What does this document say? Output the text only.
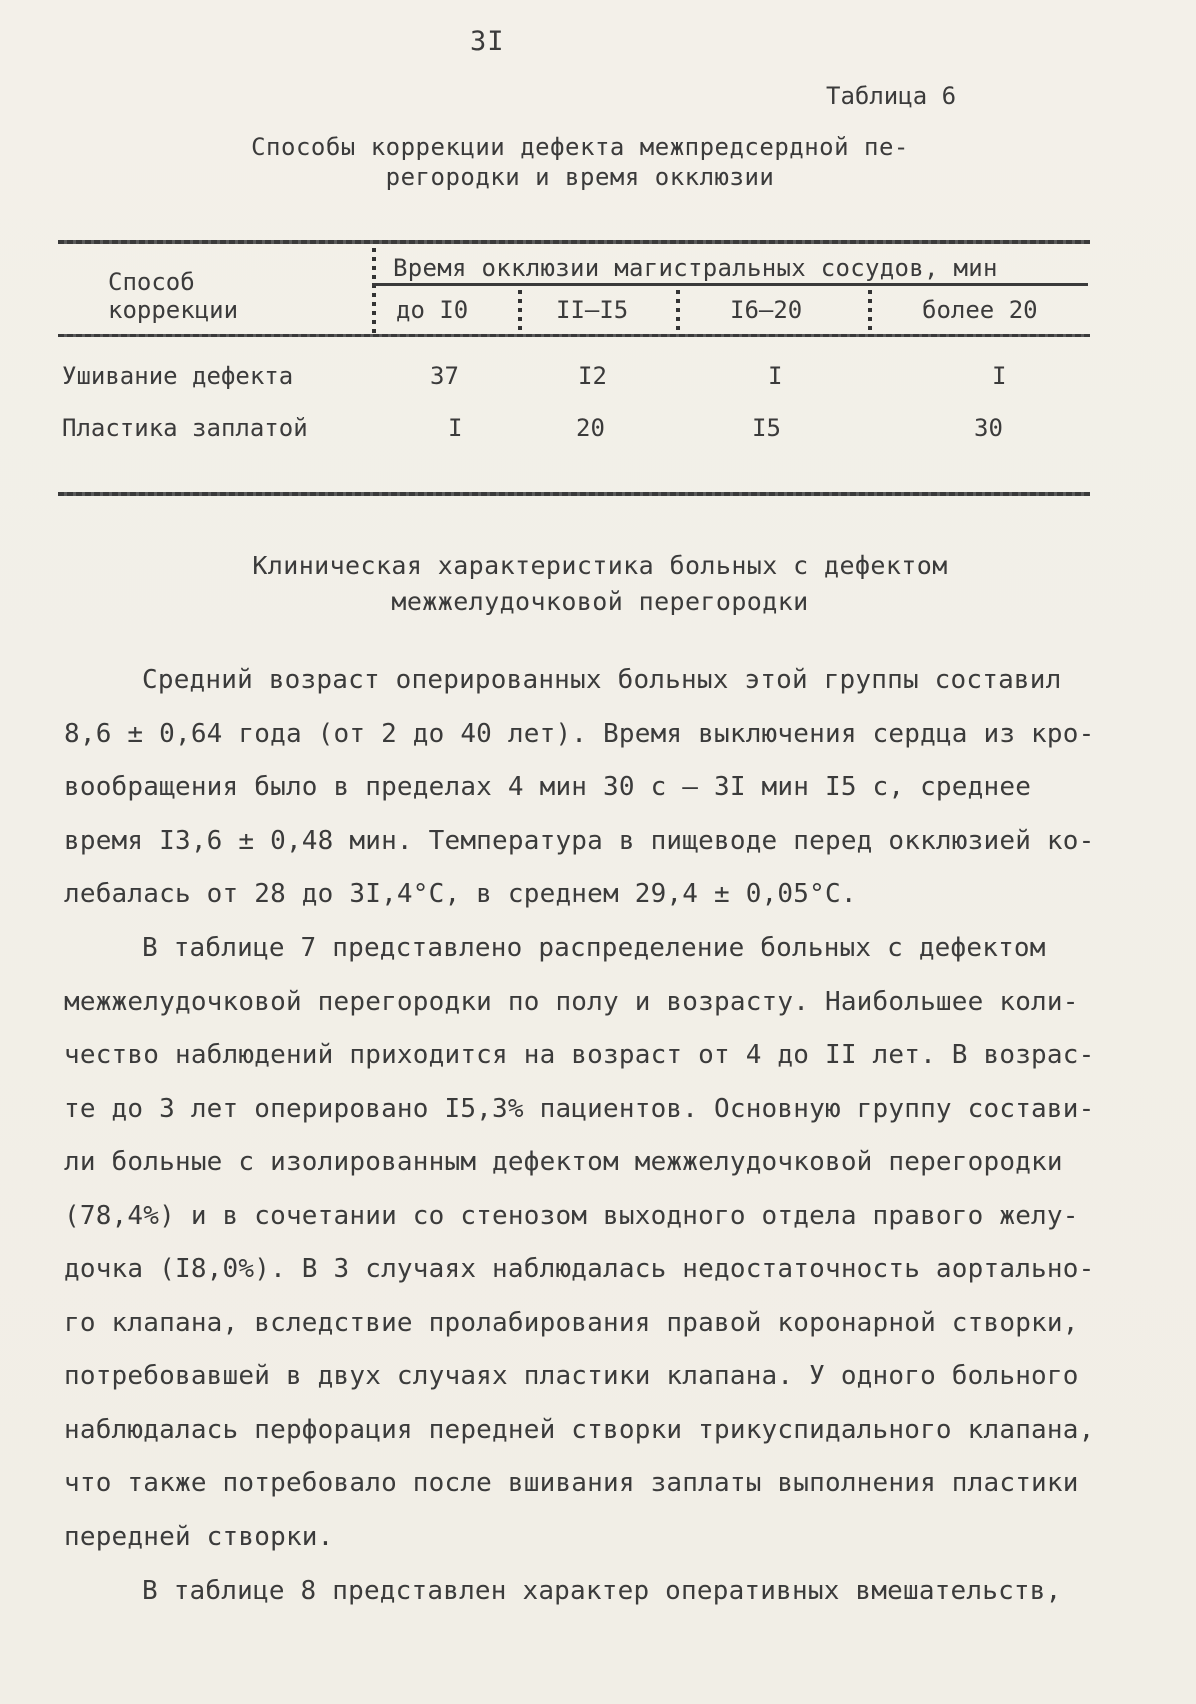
3I
Таблица 6
Способы коррекции дефекта межпредсердной пе-
регородки и время окклюзии
Способ
коррекции
Время окклюзии магистральных сосудов, мин
до I0	II–I5	I6–20	более 20
Ушивание дефекта	37	I2	I	I
Пластика заплатой	I	20	I5	30
Клиническая характеристика больных с дефектом
межжелудочковой перегородки
Средний возраст оперированных больных этой группы составил
8,6 ± 0,64 года (от 2 до 40 лет). Время выключения сердца из кро-
вообращения было в пределах 4 мин 30 с – 3I мин I5 с, среднее
время I3,6 ± 0,48 мин. Температура в пищеводе перед окклюзией ко-
лебалась от 28 до 3I,4°С, в среднем 29,4 ± 0,05°С.
В таблице 7 представлено распределение больных с дефектом
межжелудочковой перегородки по полу и возрасту. Наибольшее коли-
чество наблюдений приходится на возраст от 4 до II лет. В возрас-
те до 3 лет оперировано I5,3% пациентов. Основную группу состави-
ли больные с изолированным дефектом межжелудочковой перегородки
(78,4%) и в сочетании со стенозом выходного отдела правого желу-
дочка (I8,0%). В 3 случаях наблюдалась недостаточность аортально-
го клапана, вследствие пролабирования правой коронарной створки,
потребовавшей в двух случаях пластики клапана. У одного больного
наблюдалась перфорация передней створки трикуспидального клапана,
что также потребовало после вшивания заплаты выполнения пластики
передней створки.
В таблице 8 представлен характер оперативных вмешательств,
